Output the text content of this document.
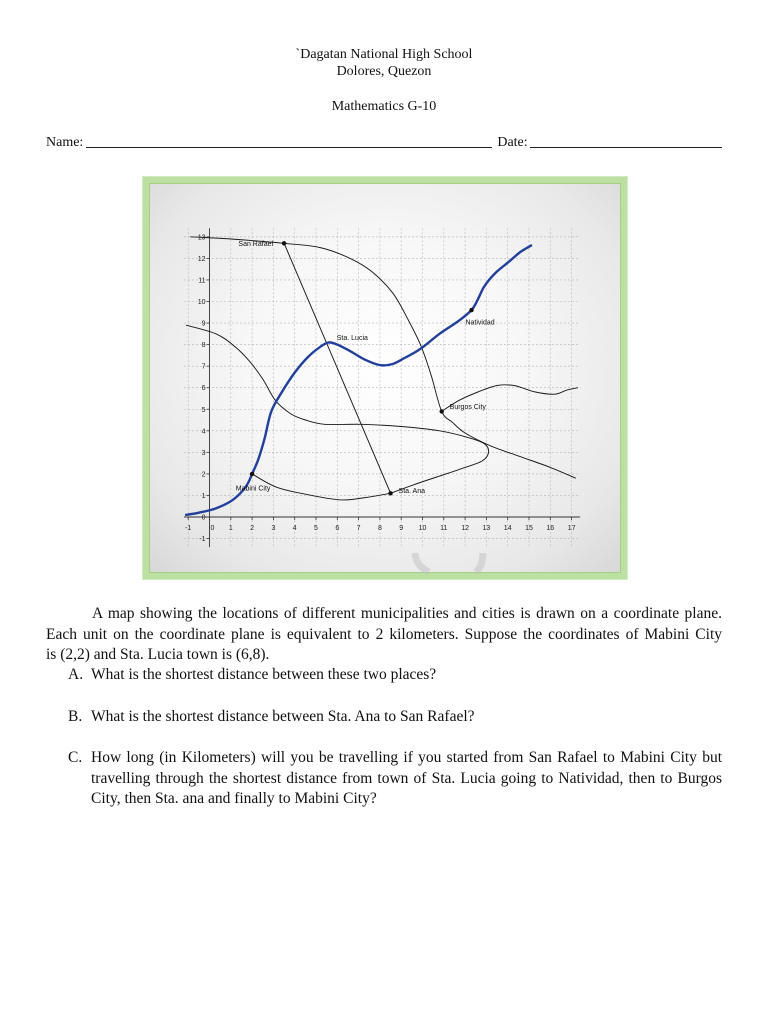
`Dagatan National High School
Dolores, Quezon
Mathematics G-10
Name:	Date:
-1	0 1 2 3 4 5 6 7 8 9 10 11 12 13 14 15 16 17
-1
0
1
2
3
4
5
6
7
8
9
10
11
12
13
San Rafael
Sta. Lucia
Natividad
Burgos City
Mabini City	Sta. Ana
A map showing the locations of different municipalities and cities is drawn on a coordinate plane.
Each unit on the coordinate plane is equivalent to 2 kilometers. Suppose the coordinates of Mabini City
is (2,2) and Sta. Lucia town is (6,8).
A. What is the shortest distance between these two places?
B. What is the shortest distance between Sta. Ana to San Rafael?
C. How long (in Kilometers) will you be travelling if you started from San Rafael to Mabini City but
travelling through the shortest distance from town of Sta. Lucia going to Natividad, then to Burgos
City, then Sta. ana and finally to Mabini City?
